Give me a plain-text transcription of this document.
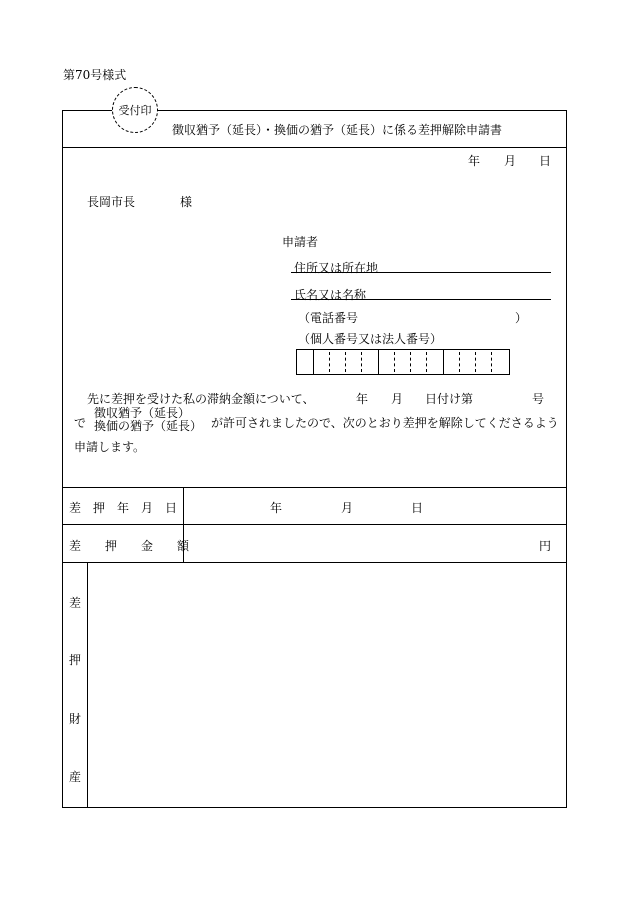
第70号様式
受付印
徴収猶予（延長）・換価の猶予（延長）に係る差押解除申請書
年 月 日
長岡市長	様
申請者
住所又は所在地
氏名又は名称
（電話番号	）
（個人番号又は法人番号）
先に差押を受けた私の滞納金額について、	年 月 日付け第	号
で
徴収猶予（延長）
換価の猶予（延長） が許可されましたので、次のとおり差押を解除してくださるよう
申請します。
差　押　年　月　日	年	月	日
差　　押　　金　　額	円
差
押
財
産
